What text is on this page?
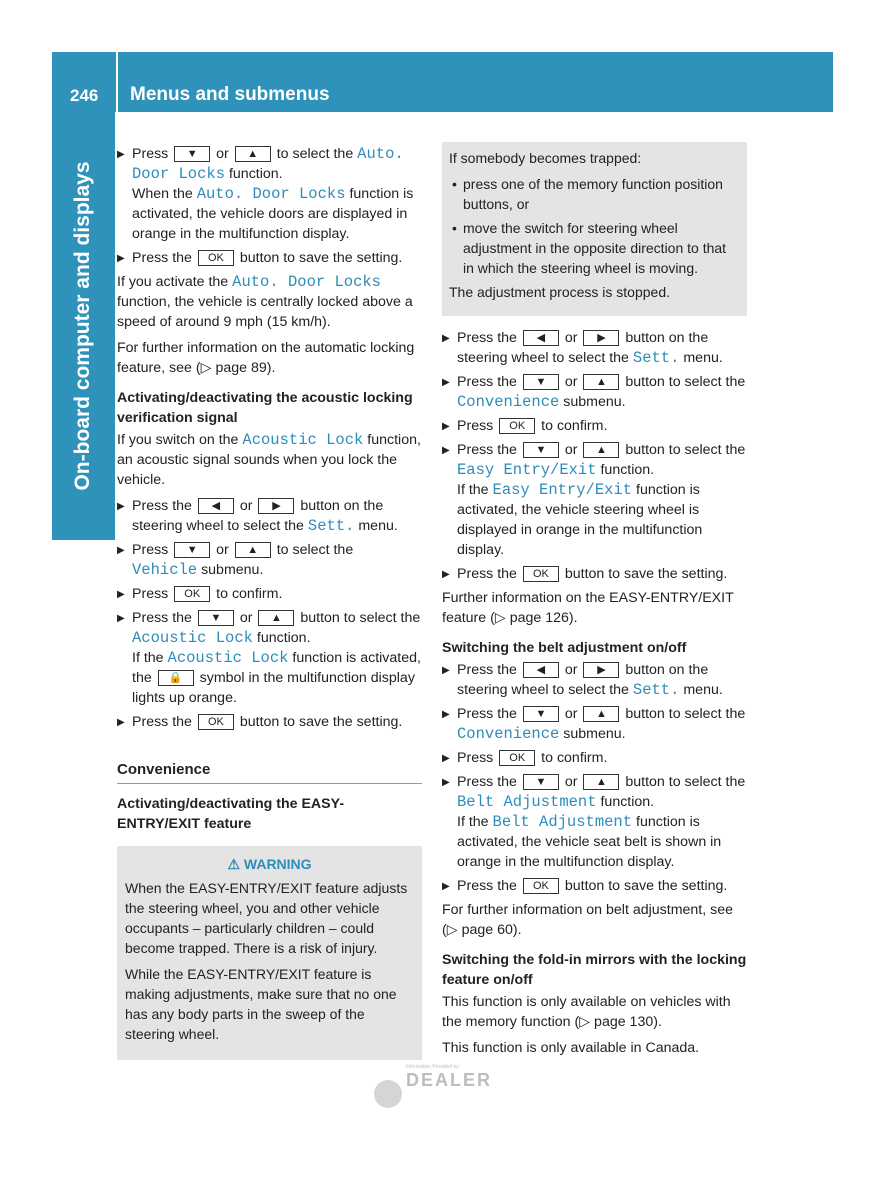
246 Menus and submenus
On-board computer and displays
▶ Press ▼ or ▲ to select the Auto. Door Locks function.
When the Auto. Door Locks function is activated, the vehicle doors are displayed in orange in the multifunction display.
▶ Press the OK button to save the setting.

If you activate the Auto. Door Locks function, the vehicle is centrally locked above a speed of around 9 mph (15 km/h).

For further information on the automatic locking feature, see (▷ page 89).

Activating/deactivating the acoustic locking verification signal

If you switch on the Acoustic Lock function, an acoustic signal sounds when you lock the vehicle.

▶ Press the ◀ or ▶ button on the steering wheel to select the Sett. menu.
▶ Press ▼ or ▲ to select the Vehicle submenu.
▶ Press OK to confirm.
▶ Press the ▼ or ▲ button to select the Acoustic Lock function.
If the Acoustic Lock function is activated, the 🔒 symbol in the multifunction display lights up orange.
▶ Press the OK button to save the setting.
Convenience
Activating/deactivating the EASY-ENTRY/EXIT feature
⚠ WARNING

When the EASY-ENTRY/EXIT feature adjusts the steering wheel, you and other vehicle occupants – particularly children – could become trapped. There is a risk of injury.

While the EASY-ENTRY/EXIT feature is making adjustments, make sure that no one has any body parts in the sweep of the steering wheel.

If somebody becomes trapped:

• press one of the memory function position buttons, or
• move the switch for steering wheel adjustment in the opposite direction to that in which the steering wheel is moving.

The adjustment process is stopped.

▶ Press the ◀ or ▶ button on the steering wheel to select the Sett. menu.
▶ Press the ▼ or ▲ button to select the Convenience submenu.
▶ Press OK to confirm.
▶ Press the ▼ or ▲ button to select the Easy Entry/Exit function.
If the Easy Entry/Exit function is activated, the vehicle steering wheel is displayed in orange in the multifunction display.
▶ Press the OK button to save the setting.

Further information on the EASY-ENTRY/EXIT feature (▷ page 126).

Switching the belt adjustment on/off
▶ Press the ◀ or ▶ button on the steering wheel to select the Sett. menu.
▶ Press the ▼ or ▲ button to select the Convenience submenu.
▶ Press OK to confirm.
▶ Press the ▼ or ▲ button to select the Belt Adjustment function.
If the Belt Adjustment function is activated, the vehicle seat belt is shown in orange in the multifunction display.
▶ Press the OK button to save the setting.

For further information on belt adjustment, see (▷ page 60).

Switching the fold-in mirrors with the locking feature on/off

This function is only available on vehicles with the memory function (▷ page 130).

This function is only available in Canada.

Information Provided by:
DEALER
